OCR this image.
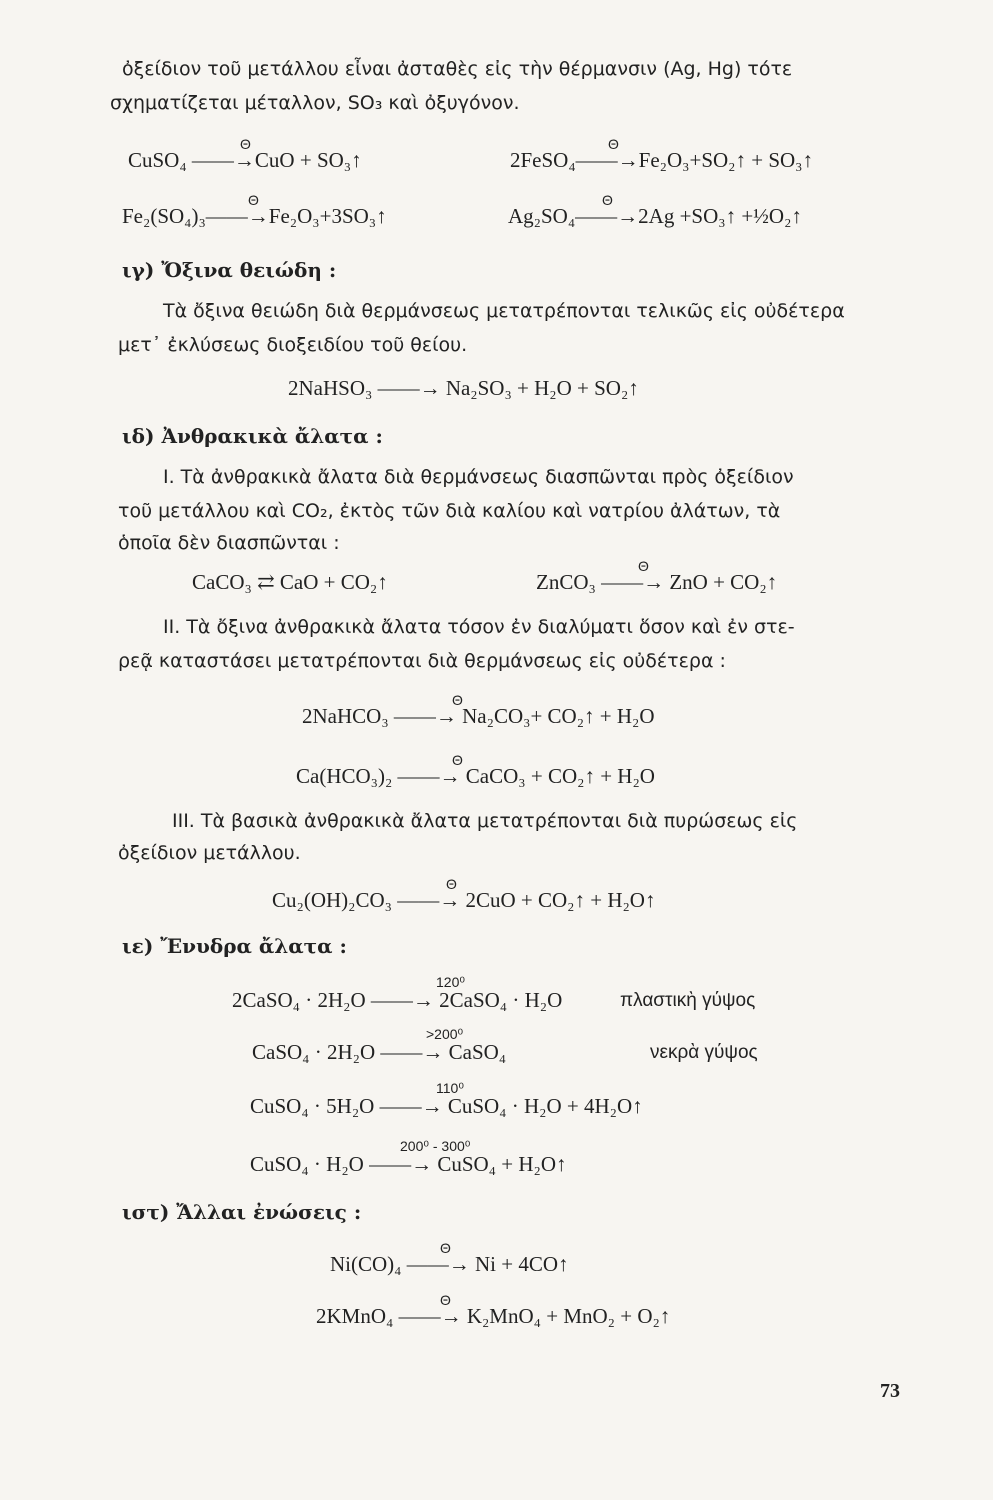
ὀξείδιον τοῦ μετάλλου εἶναι ἀσταθὲς εἰς τὴν θέρμανσιν (Ag, Hg) τότε
σχηματίζεται μέταλλον, SO₃ καὶ ὀξυγόνον.
Θ
CuSO₄ ——→CuO + SO₃↑
Θ
2FeSO₄——→Fe₂O₃+SO₂↑ + SO₃↑
Θ
Fe₂(SO₄)₃——→Fe₂O₃+3SO₃↑
Θ
Ag₂SO₄——→2Ag +SO₃↑ +½O₂↑
ιγ) Ὄξινα θειώδη :
Τὰ ὄξινα θειώδη διὰ θερμάνσεως μετατρέπονται τελικῶς εἰς οὐδέτερα
μετ᾽ ἐκλύσεως διοξειδίου τοῦ θείου.
2NaHSO₃ ——→ Na₂SO₃ + H₂O + SO₂↑
ιδ) Ἀνθρακικὰ ἄλατα :
I. Τὰ ἀνθρακικὰ ἄλατα διὰ θερμάνσεως διασπῶνται πρὸς ὀξείδιον
τοῦ μετάλλου καὶ CO₂, ἐκτὸς τῶν διὰ καλίου καὶ νατρίου ἀλάτων, τὰ
ὁποῖα δὲν διασπῶνται :
CaCO₃ ⇄ CaO + CO₂↑
Θ
ZnCO₃ ——→ ZnO + CO₂↑
II. Τὰ ὄξινα ἀνθρακικὰ ἄλατα τόσον ἐν διαλύματι ὅσον καὶ ἐν στε-
ρεᾷ καταστάσει μετατρέπονται διὰ θερμάνσεως εἰς οὐδέτερα :
Θ
2NaHCO₃ ——→ Na₂CO₃+ CO₂↑ + H₂O
Θ
Ca(HCO₃)₂ ——→ CaCO₃ + CO₂↑ + H₂O
III. Τὰ βασικὰ ἀνθρακικὰ ἄλατα μετατρέπονται διὰ πυρώσεως εἰς
ὀξείδιον μετάλλου.
Θ
Cu₂(OH)₂CO₃ ——→ 2CuO + CO₂↑ + H₂O↑
ιε) Ἔνυδρα ἄλατα :
120⁰
2CaSO₄ · 2H₂O ——→ 2CaSO₄ · H₂O	πλαστικὴ γύψος
>200⁰
CaSO₄ · 2H₂O ——→ CaSO₄	νεκρὰ γύψος
110⁰
CuSO₄ · 5H₂O ——→ CuSO₄ · H₂O + 4H₂O↑
200⁰ - 300⁰
CuSO₄ · H₂O ——→ CuSO₄ + H₂O↑
ιστ) Ἄλλαι ἐνώσεις :
Θ
Ni(CO)₄ ——→ Ni + 4CO↑
Θ
2KMnO₄ ——→ K₂MnO₄ + MnO₂ + O₂↑
73
